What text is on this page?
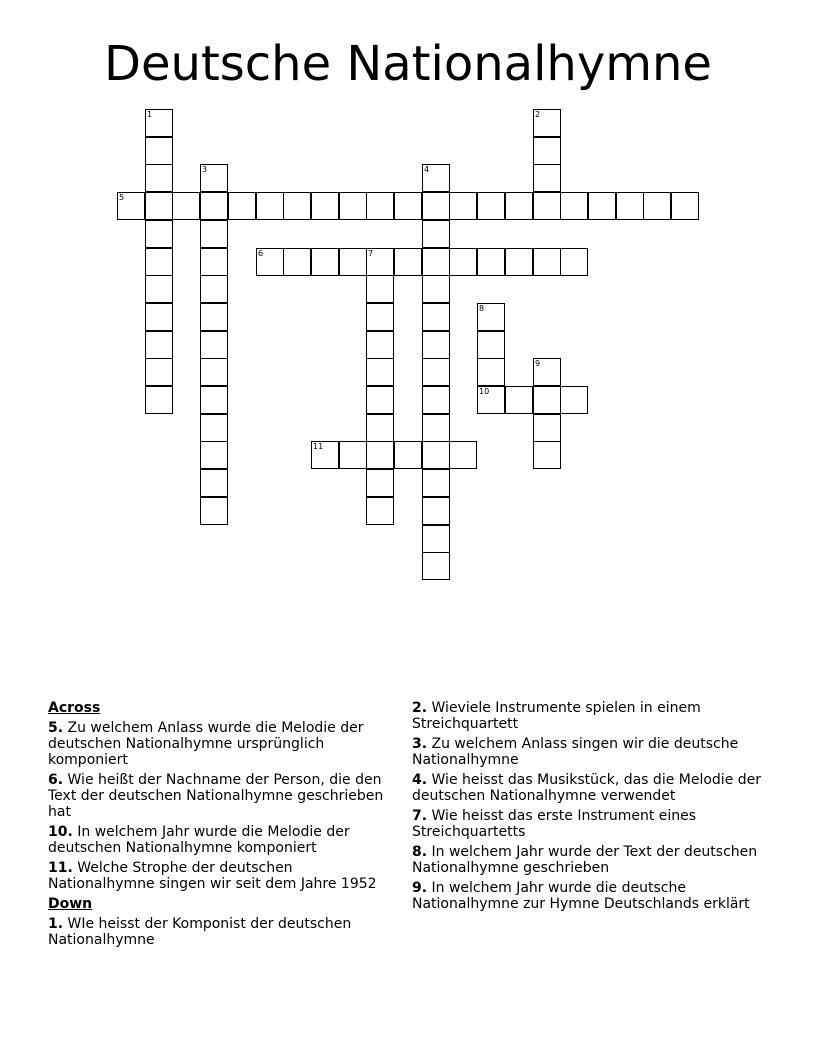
Deutsche Nationalhymne
1	2
3	4
5
6	7
8
10
9
11
Across
5. Zu welchem Anlass wurde die Melodie der deutschen Nationalhymne ursprünglich komponiert
6. Wie heißt der Nachname der Person, die den Text der deutschen Nationalhymne geschrieben hat
10. In welchem Jahr wurde die Melodie der deutschen Nationalhymne komponiert
11. Welche Strophe der deutschen Nationalhymne singen wir seit dem Jahre 1952
Down
1. WIe heisst der Komponist der deutschen Nationalhymne
2. Wieviele Instrumente spielen in einem Streichquartett
3. Zu welchem Anlass singen wir die deutsche Nationalhymne
4. Wie heisst das Musikstück, das die Melodie der deutschen Nationalhymne verwendet
7. Wie heisst das erste Instrument eines Streichquartetts
8. In welchem Jahr wurde der Text der deutschen Nationalhymne geschrieben
9. In welchem Jahr wurde die deutsche Nationalhymne zur Hymne Deutschlands erklärt
